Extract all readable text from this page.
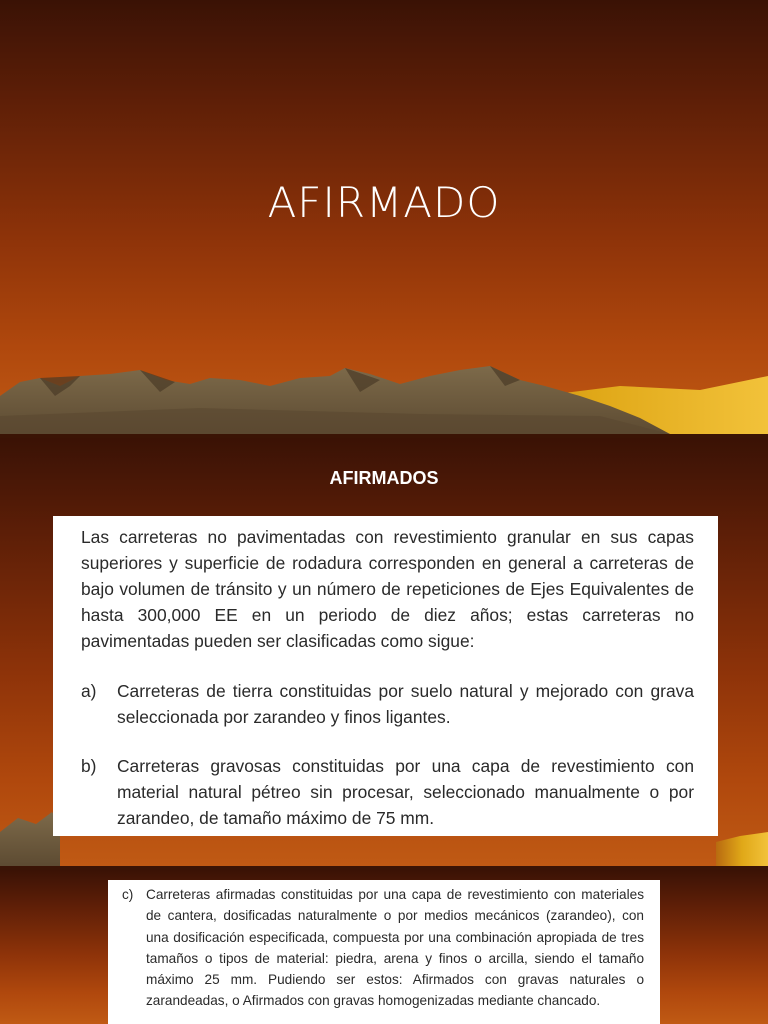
AFIRMADO
AFIRMADOS

Las carreteras no pavimentadas con revestimiento granular en sus capas superiores y superficie de rodadura corresponden en general a carreteras de bajo volumen de tránsito y un número de repeticiones de Ejes Equivalentes de hasta 300,000 EE en un periodo de diez años; estas carreteras no pavimentadas pueden ser clasificadas como sigue:

a)	Carreteras de tierra constituidas por suelo natural y mejorado con grava seleccionada por zarandeo y finos ligantes.
b)	Carreteras gravosas constituidas por una capa de revestimiento con material natural pétreo sin procesar, seleccionado manualmente o por zarandeo, de tamaño máximo de 75 mm.
c) Carreteras afirmadas constituidas por una capa de revestimiento con materiales de cantera, dosificadas naturalmente o por medios mecánicos (zarandeo), con una dosificación especificada, compuesta por una combinación apropiada de tres tamaños o tipos de material: piedra, arena y finos o arcilla, siendo el tamaño máximo 25 mm. Pudiendo ser estos: Afirmados con gravas naturales o zarandeadas, o Afirmados con gravas homogenizadas mediante chancado.
